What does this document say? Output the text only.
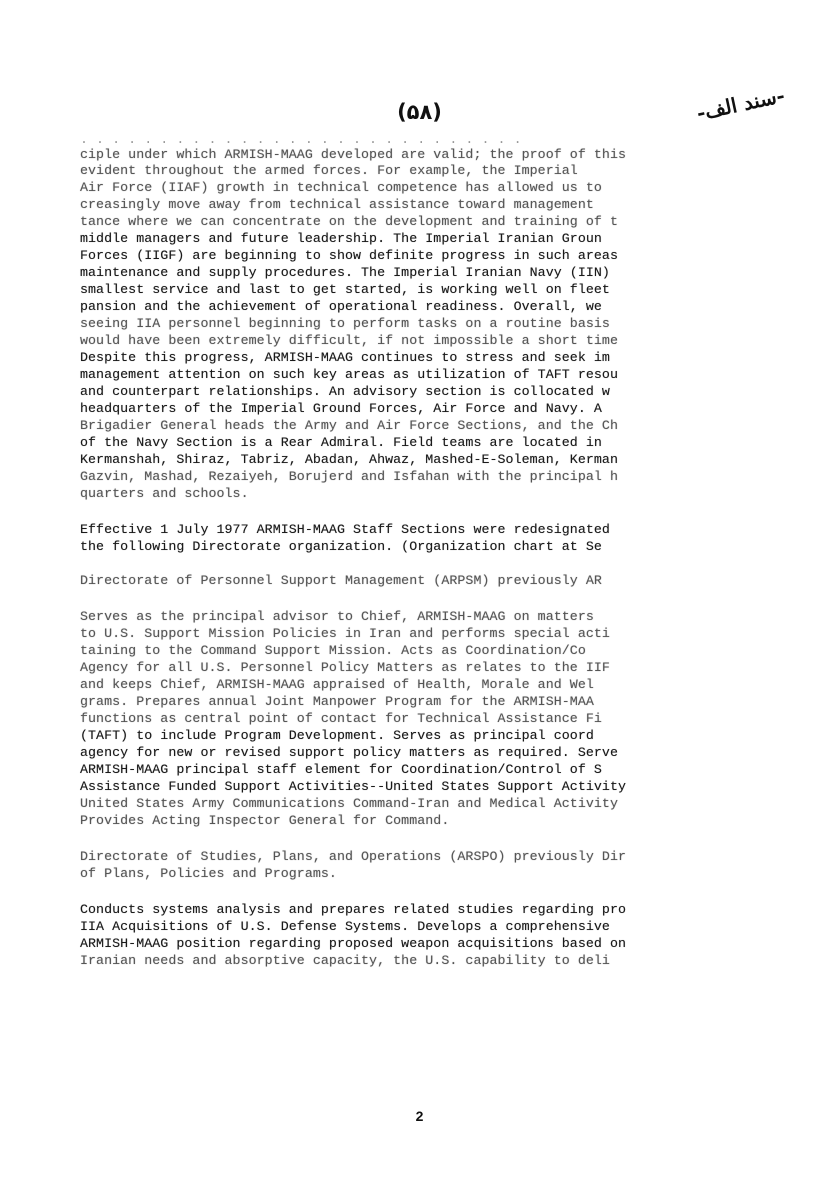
(۵۸)	-سند الف-
. . . . . . . . . . . . . . . . . . . . . . . . . . . .
ciple under which ARMISH-MAAG developed are valid; the proof of this
evident throughout the armed forces. For example, the Imperial
Air Force (IIAF) growth in technical competence has allowed us to
creasingly move away from technical assistance toward management
tance where we can concentrate on the development and training of t
middle managers and future leadership. The Imperial Iranian Groun
Forces (IIGF) are beginning to show definite progress in such areas
maintenance and supply procedures. The Imperial Iranian Navy (IIN)
smallest service and last to get started, is working well on fleet
pansion and the achievement of operational readiness. Overall, we
seeing IIA personnel beginning to perform tasks on a routine basis
would have been extremely difficult, if not impossible a short time
Despite this progress, ARMISH-MAAG continues to stress and seek im
management attention on such key areas as utilization of TAFT resou
and counterpart relationships. An advisory section is collocated w
headquarters of the Imperial Ground Forces, Air Force and Navy. A
Brigadier General heads the Army and Air Force Sections, and the Ch
of the Navy Section is a Rear Admiral. Field teams are located in
Kermanshah, Shiraz, Tabriz, Abadan, Ahwaz, Mashed-E-Soleman, Kerman
Gazvin, Mashad, Rezaiyeh, Borujerd and Isfahan with the principal h
quarters and schools.
Effective 1 July 1977 ARMISH-MAAG Staff Sections were redesignated
the following Directorate organization. (Organization chart at Se
Directorate of Personnel Support Management (ARPSM) previously AR
Serves as the principal advisor to Chief, ARMISH-MAAG on matters
to U.S. Support Mission Policies in Iran and performs special acti
taining to the Command Support Mission. Acts as Coordination/Co
Agency for all U.S. Personnel Policy Matters as relates to the IIF
and keeps Chief, ARMISH-MAAG appraised of Health, Morale and Wel
grams. Prepares annual Joint Manpower Program for the ARMISH-MAA
functions as central point of contact for Technical Assistance Fi
(TAFT) to include Program Development. Serves as principal coord
agency for new or revised support policy matters as required. Serve
ARMISH-MAAG principal staff element for Coordination/Control of S
Assistance Funded Support Activities--United States Support Activity
United States Army Communications Command-Iran and Medical Activity
Provides Acting Inspector General for Command.
Directorate of Studies, Plans, and Operations (ARSPO) previously Dir
of Plans, Policies and Programs.
Conducts systems analysis and prepares related studies regarding pro
IIA Acquisitions of U.S. Defense Systems. Develops a comprehensive
ARMISH-MAAG position regarding proposed weapon acquisitions based on
Iranian needs and absorptive capacity, the U.S. capability to deli
2
